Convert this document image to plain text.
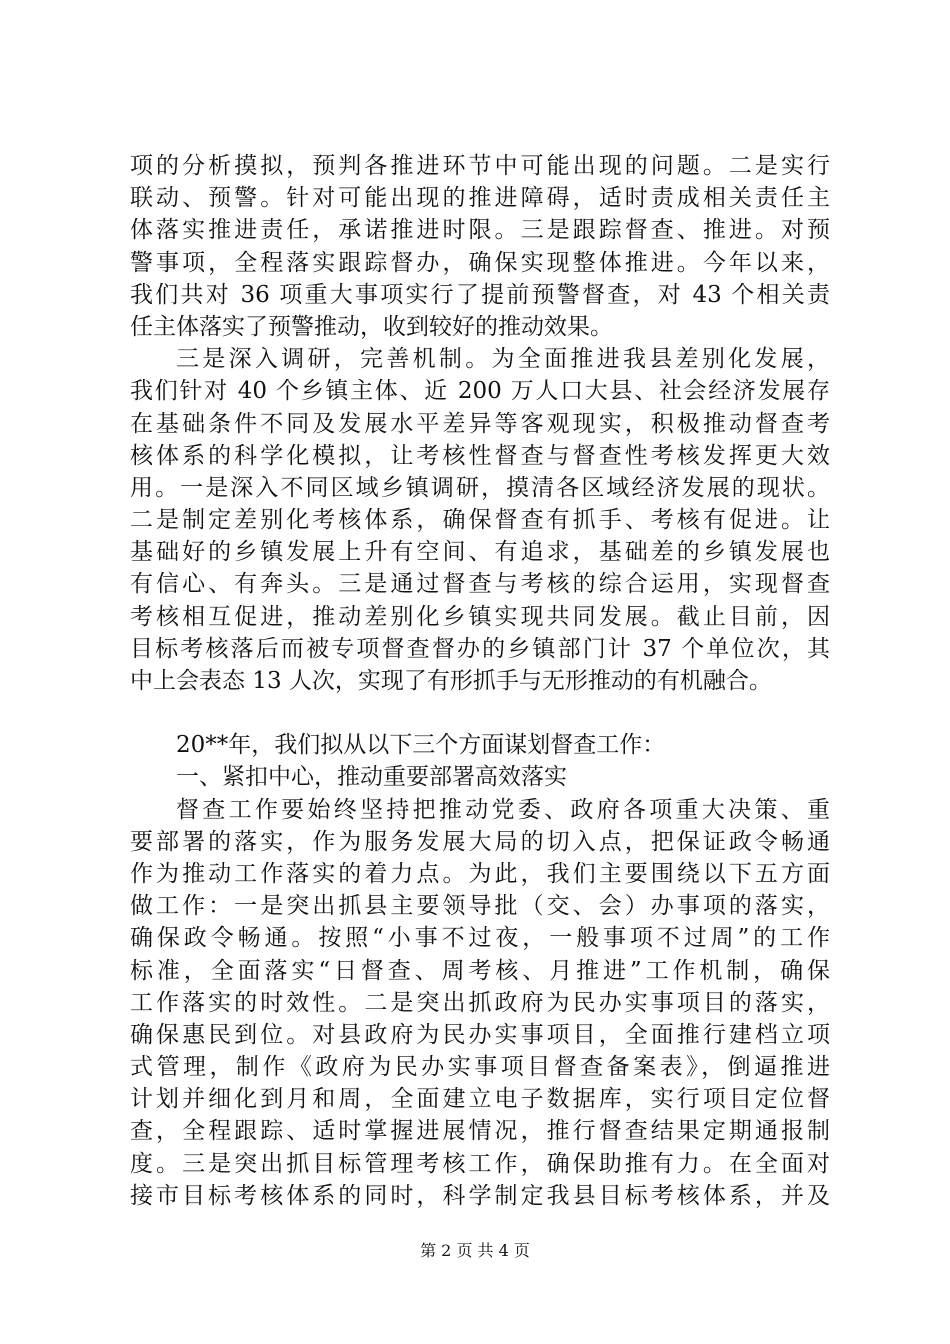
项的分析摸拟，预判各推进环节中可能出现的问题。二是实行
联动、预警。针对可能出现的推进障碍，适时责成相关责任主
体落实推进责任，承诺推进时限。三是跟踪督查、推进。对预
警事项，全程落实跟踪督办，确保实现整体推进。今年以来，
我们共对 36 项重大事项实行了提前预警督查，对 43 个相关责
任主体落实了预警推动，收到较好的推动效果。
三是深入调研，完善机制。为全面推进我县差别化发展，
我们针对 40 个乡镇主体、近 200 万人口大县、社会经济发展存
在基础条件不同及发展水平差异等客观现实，积极推动督查考
核体系的科学化模拟，让考核性督查与督查性考核发挥更大效
用。一是深入不同区域乡镇调研，摸清各区域经济发展的现状。
二是制定差别化考核体系，确保督查有抓手、考核有促进。让
基础好的乡镇发展上升有空间、有追求，基础差的乡镇发展也
有信心、有奔头。三是通过督查与考核的综合运用，实现督查
考核相互促进，推动差别化乡镇实现共同发展。截止目前，因
目标考核落后而被专项督查督办的乡镇部门计 37 个单位次，其
中上会表态 13 人次，实现了有形抓手与无形推动的有机融合。
20**年，我们拟从以下三个方面谋划督查工作：
一、紧扣中心，推动重要部署高效落实
督查工作要始终坚持把推动党委、政府各项重大决策、重
要部署的落实，作为服务发展大局的切入点，把保证政令畅通
作为推动工作落实的着力点。为此，我们主要围绕以下五方面
做工作：一是突出抓县主要领导批（交、会）办事项的落实，
确保政令畅通。按照“小事不过夜，一般事项不过周”的工作
标准，全面落实“日督查、周考核、月推进”工作机制，确保
工作落实的时效性。二是突出抓政府为民办实事项目的落实，
确保惠民到位。对县政府为民办实事项目，全面推行建档立项
式管理，制作《政府为民办实事项目督查备案表》，倒逼推进
计划并细化到月和周，全面建立电子数据库，实行项目定位督
查，全程跟踪、适时掌握进展情况，推行督查结果定期通报制
度。三是突出抓目标管理考核工作，确保助推有力。在全面对
接市目标考核体系的同时，科学制定我县目标考核体系，并及
第 2 页 共 4 页
